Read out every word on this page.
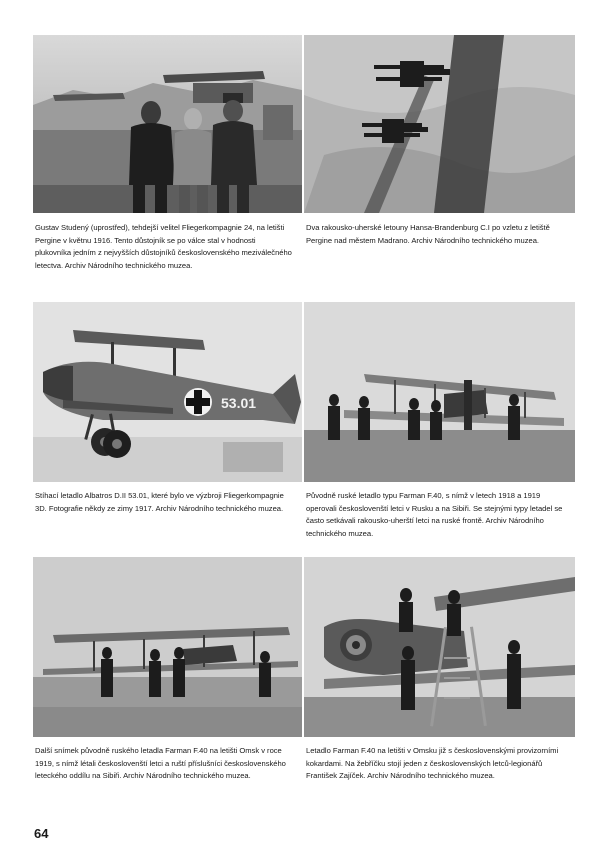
Gustav Studený (uprostřed), tehdejší velitel Fliegerkompagnie 24, na letišti Pergine v květnu 1916. Tento důstojník se po válce stal v hodnosti plukovníka jedním z nejvyšších důstojníků československého meziválečného letectva. Archiv Národního technického muzea.

Dva rakousko-uherské letouny Hansa-Brandenburg C.I po vzletu z letiště Pergine nad městem Madrano. Archiv Národního technického muzea.

53.01

Stíhací letadlo Albatros D.II 53.01, které bylo ve výzbroji Fliegerkompagnie 3D. Fotografie někdy ze zimy 1917. Archiv Národního technického muzea.

Původně ruské letadlo typu Farman F.40, s nímž v letech 1918 a 1919 operovali českoslovenští letci v Rusku a na Sibiři. Se stejnými typy letadel se často setkávali rakousko-uherští letci na ruské frontě. Archiv Národního technického muzea.

Další snímek původně ruského letadla Farman F.40 na letišti Omsk v roce 1919, s nímž létali českoslovenští letci a ruští příslušníci československého leteckého oddílu na Sibiři. Archiv Národního technického muzea.

Letadlo Farman F.40 na letišti v Omsku již s československými provizorními kokardami. Na žebříčku stojí jeden z československých letců-legionářů František Zajíček. Archiv Národního technického muzea.

64
